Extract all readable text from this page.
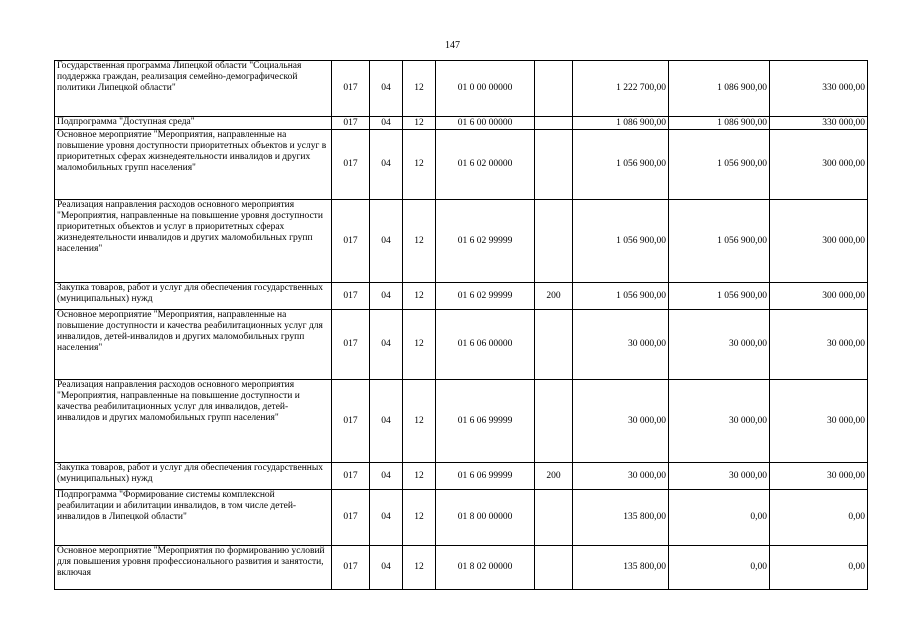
147
Государственная программа Липецкой области "Социальная поддержка граждан, реализация семейно-демографической политики Липецкой области"	017	04	12	01 0 00 00000		1 222 700,00	1 086 900,00	330 000,00
Подпрограмма "Доступная среда"	017	04	12	01 6 00 00000		1 086 900,00	1 086 900,00	330 000,00
Основное мероприятие "Мероприятия, направленные на повышение уровня доступности приоритетных объектов и услуг в приоритетных сферах жизнедеятельности инвалидов и других маломобильных групп населения"	017	04	12	01 6 02 00000		1 056 900,00	1 056 900,00	300 000,00
Реализация направления расходов основного мероприятия "Мероприятия, направленные на повышение уровня доступности приоритетных объектов и услуг в приоритетных сферах жизнедеятельности инвалидов и других маломобильных групп населения"	017	04	12	01 6 02 99999		1 056 900,00	1 056 900,00	300 000,00
Закупка товаров, работ и услуг для обеспечения государственных (муниципальных) нужд	017	04	12	01 6 02 99999	200	1 056 900,00	1 056 900,00	300 000,00
Основное мероприятие "Мероприятия, направленные на повышение доступности и качества реабилитационных услуг для инвалидов, детей-инвалидов и других маломобильных групп населения"	017	04	12	01 6 06 00000		30 000,00	30 000,00	30 000,00
Реализация направления расходов основного мероприятия "Мероприятия, направленные на повышение доступности и качества реабилитационных услуг для инвалидов, детей-инвалидов и других маломобильных групп населения"	017	04	12	01 6 06 99999		30 000,00	30 000,00	30 000,00
Закупка товаров, работ и услуг для обеспечения государственных (муниципальных) нужд	017	04	12	01 6 06 99999	200	30 000,00	30 000,00	30 000,00
Подпрограмма "Формирование системы комплексной реабилитации и абилитации инвалидов, в том числе детей-инвалидов в Липецкой области"	017	04	12	01 8 00 00000		135 800,00	0,00	0,00
Основное мероприятие "Мероприятия по формированию условий для повышения уровня профессионального развития и занятости, включая	017	04	12	01 8 02 00000		135 800,00	0,00	0,00
